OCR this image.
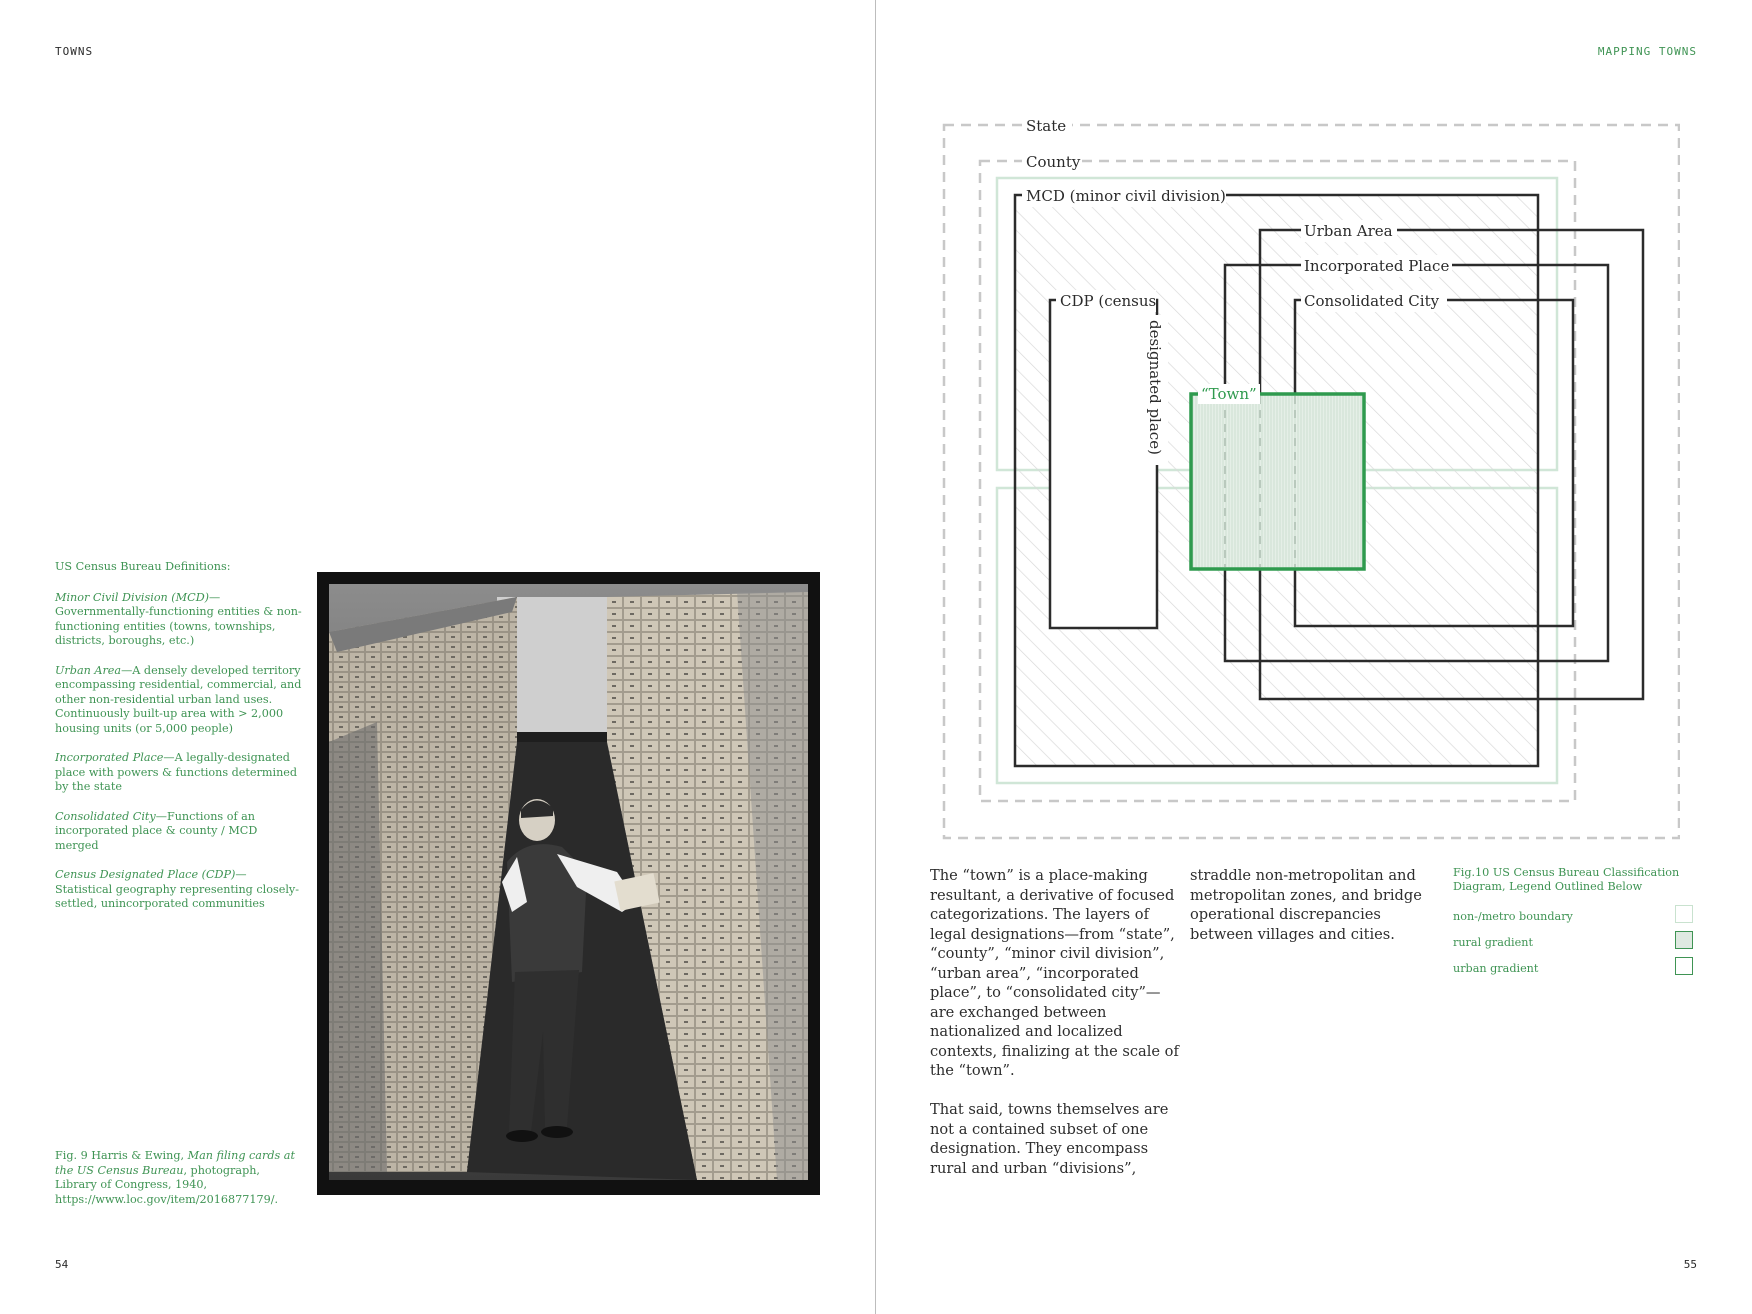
TOWNS
US Census Bureau Definitions:
Minor Civil Division (MCD)—Governmentally-functioning entities & non-functioning entities (towns, townships, districts, boroughs, etc.)
Urban Area—A densely developed territory encompassing residential, commercial, and other non-residential urban land uses. Continuously built-up area with > 2,000 housing units (or 5,000 people)
Incorporated Place—A legally-designated place with powers & functions determined by the state
Consolidated City—Functions of an incorporated place & county / MCD merged
Census Designated Place (CDP)—Statistical geography representing closely-settled, unincorporated communities
Fig. 9 Harris & Ewing, Man filing cards at the US Census Bureau, photograph, Library of Congress, 1940, https://www.loc.gov/item/2016877179/.
54
MAPPING TOWNS
55
State
County
MCD (minor civil division)
Urban Area
Incorporated Place
Consolidated City
CDP (census
designated place) “Town”

The “town” is a place-making resultant, a derivative of focused categorizations. The layers of legal designations—from “state”, “county”, “minor civil division”, “urban area”, “incorporated place”, to “consolidated city”—are exchanged between nationalized and localized contexts, finalizing at the scale of the “town”.

That said, towns themselves are not a contained subset of one designation. They encompass rural and urban “divisions”,

straddle non-metropolitan and metropolitan zones, and bridge operational discrepancies between villages and cities.

Fig.10 US Census Bureau Classification Diagram, Legend Outlined Below
non-/metro boundary
rural gradient
urban gradient
